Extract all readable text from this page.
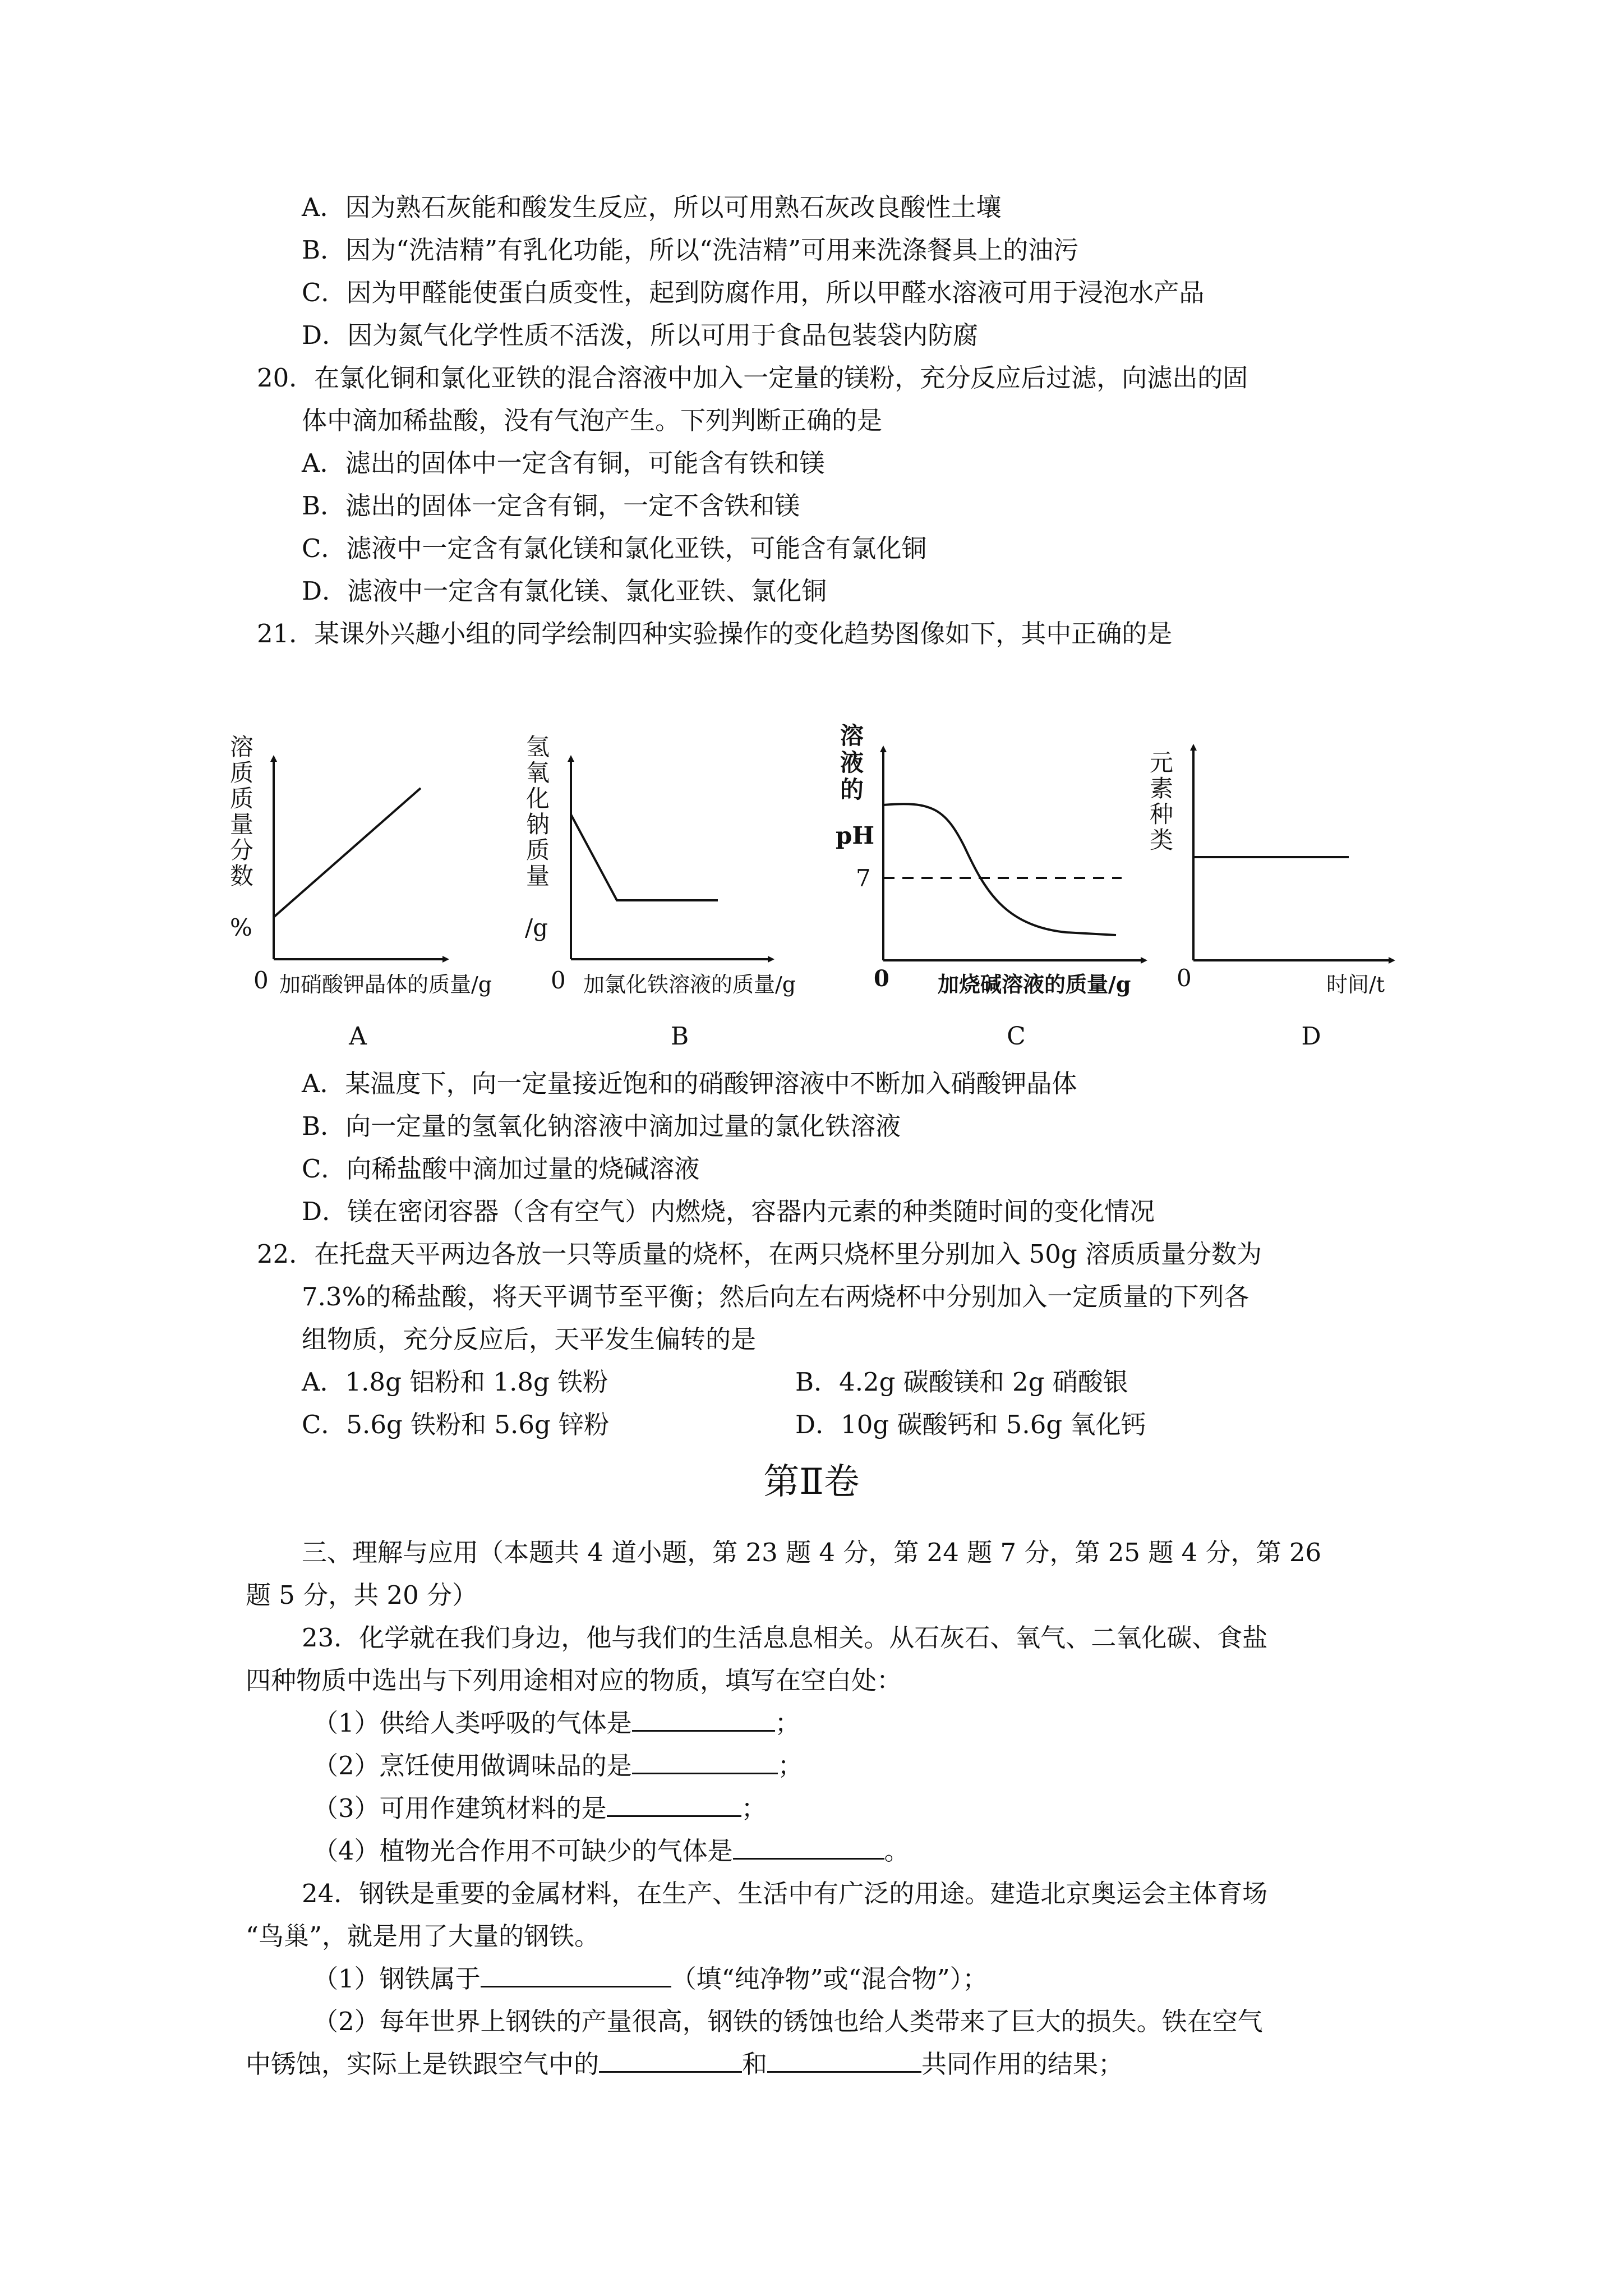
A．因为熟石灰能和酸发生反应，所以可用熟石灰改良酸性土壤
B．因为“洗洁精”有乳化功能，所以“洗洁精”可用来洗涤餐具上的油污
C．因为甲醛能使蛋白质变性，起到防腐作用，所以甲醛水溶液可用于浸泡水产品
D．因为氮气化学性质不活泼，所以可用于食品包装袋内防腐
20．在氯化铜和氯化亚铁的混合溶液中加入一定量的镁粉，充分反应后过滤，向滤出的固
体中滴加稀盐酸，没有气泡产生。下列判断正确的是
A．滤出的固体中一定含有铜，可能含有铁和镁
B．滤出的固体一定含有铜，一定不含铁和镁
C．滤液中一定含有氯化镁和氯化亚铁，可能含有氯化铜
D．滤液中一定含有氯化镁、氯化亚铁、氯化铜
21．某课外兴趣小组的同学绘制四种实验操作的变化趋势图像如下，其中正确的是
溶
质
质
量
分
数
%
0 加硝酸钾晶体的质量/g
A
氢
氧
化
钠
质
量
/g
0 加氯化铁溶液的质量/g
B
溶
液
的
pH
7
0 加烧碱溶液的质量/g
C
元
素
种
类
0	时间/t
D
A．某温度下，向一定量接近饱和的硝酸钾溶液中不断加入硝酸钾晶体
B．向一定量的氢氧化钠溶液中滴加过量的氯化铁溶液
C．向稀盐酸中滴加过量的烧碱溶液
D．镁在密闭容器（含有空气）内燃烧，容器内元素的种类随时间的变化情况
22．在托盘天平两边各放一只等质量的烧杯，在两只烧杯里分别加入 50g 溶质质量分数为
7.3%的稀盐酸，将天平调节至平衡；然后向左右两烧杯中分别加入一定质量的下列各
组物质，充分反应后，天平发生偏转的是
A．1.8g 铝粉和 1.8g 铁粉	B．4.2g 碳酸镁和 2g 硝酸银
C．5.6g 铁粉和 5.6g 锌粉	D．10g 碳酸钙和 5.6g 氧化钙
第Ⅱ卷
三、理解与应用（本题共 4 道小题，第 23 题 4 分，第 24 题 7 分，第 25 题 4 分，第 26
题 5 分，共 20 分）
23．化学就在我们身边，他与我们的生活息息相关。从石灰石、氧气、二氧化碳、食盐
四种物质中选出与下列用途相对应的物质，填写在空白处：
（1）供给人类呼吸的气体是	；
（2）烹饪使用做调味品的是	；
（3）可用作建筑材料的是	；
（4）植物光合作用不可缺少的气体是	。
24．钢铁是重要的金属材料，在生产、生活中有广泛的用途。建造北京奥运会主体育场
“鸟巢”，就是用了大量的钢铁。
（1）钢铁属于	（填“纯净物”或“混合物”）；
（2）每年世界上钢铁的产量很高，钢铁的锈蚀也给人类带来了巨大的损失。铁在空气
中锈蚀，实际上是铁跟空气中的	和	共同作用的结果；
